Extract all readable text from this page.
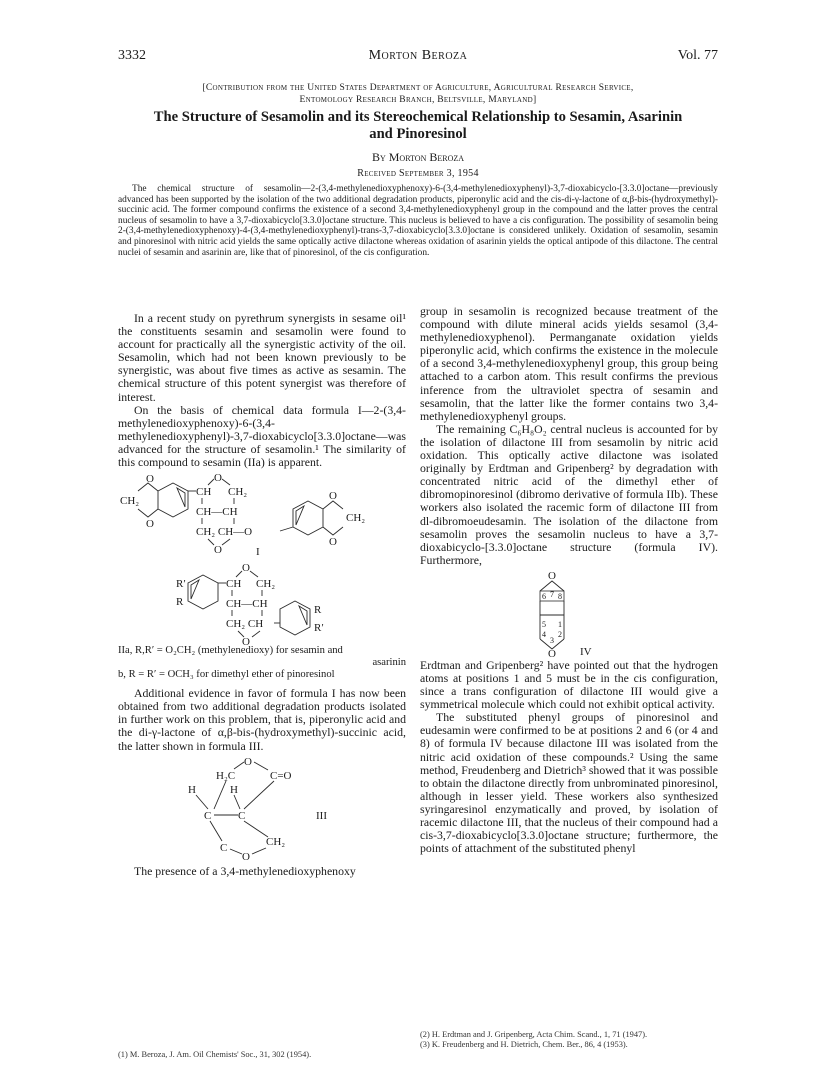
3332	Morton Beroza	Vol. 77
[Contribution from the United States Department of Agriculture, Agricultural Research Service,
Entomology Research Branch, Beltsville, Maryland]
The Structure of Sesamolin and its Stereochemical Relationship to Sesamin, Asarinin
and Pinoresinol
By Morton Beroza
Received September 3, 1954
The chemical structure of sesamolin—2-(3,4-methylenedioxyphenoxy)-6-(3,4-methylenedioxyphenyl)-3,7-dioxabicyclo-[3.3.0]octane—previously advanced has been supported by the isolation of the two additional degradation products, piperonylic acid and the cis-di-γ-lactone of α,β-bis-(hydroxymethyl)-succinic acid. The former compound confirms the existence of a second 3,4-methylenedioxyphenyl group in the compound and the latter proves the central nucleus of sesamolin to have a 3,7-dioxabicyclo[3.3.0]octane structure. This nucleus is believed to have a cis configuration. The possibility of sesamolin being 2-(3,4-methylenedioxyphenoxy)-4-(3,4-methylenedioxyphenyl)-trans-3,7-dioxabicyclo[3.3.0]octane is considered unlikely. Oxidation of sesamolin, sesamin and pinoresinol with nitric acid yields the same optically active dilactone whereas oxidation of asarinin yields the optical antipode of this dilactone. The central nuclei of sesamin and asarinin are, like that of pinoresinol, of the cis configuration.

In a recent study on pyrethrum synergists in sesame oil¹ the constituents sesamin and sesamolin were found to account for practically all the synergistic activity of the oil. Sesamolin, which had not been known previously to be synergistic, was about five times as active as sesamin. The chemical structure of this potent synergist was therefore of interest.

On the basis of chemical data formula I—2-(3,4-methylenedioxyphenoxy)-6-(3,4-methylenedioxyphenyl)-3,7-dioxabicyclo[3.3.0]octane—was advanced for the structure of sesamolin.¹ The similarity of this compound to sesamin (IIa) is apparent.

O
O
CH₂
CH CH₂
O
CH—CH
CH₂ CH—O
O
O
O
CH₂
I
R′
R
CH CH₂
O
CH—CH
CH₂ CH
O
R
R′
IIa, R,R′ = O₂CH₂ (methylenedioxy) for sesamin and
asarinin
b, R = R′ = OCH₃ for dimethyl ether of pinoresinol

Additional evidence in favor of formula I has now been obtained from two additional degradation products isolated in further work on this problem, that is, piperonylic acid and the di-γ-lactone of α,β-bis-(hydroxymethyl)-succinic acid, the latter shown in formula III.

O
H₂C	C=O
H	H
C C
C	CH₂
O
III

The presence of a 3,4-methylenedioxyphenoxy

(1) M. Beroza, J. Am. Oil Chemists' Soc., 31, 302 (1954).

group in sesamolin is recognized because treatment of the compound with dilute mineral acids yields sesamol (3,4-methylenedioxyphenol). Permanganate oxidation yields piperonylic acid, which confirms the existence in the molecule of a second 3,4-methylenedioxyphenyl group, this group being attached to a carbon atom. This result confirms the previous inference from the ultraviolet spectra of sesamin and sesamolin, that the latter like the former contains two 3,4-methylenedioxyphenyl groups.

The remaining C₆H₈O₂ central nucleus is accounted for by the isolation of dilactone III from sesamolin by nitric acid oxidation. This optically active dilactone was isolated originally by Erdtman and Gripenberg² by degradation with concentrated nitric acid of the dimethyl ether of dibromopinoresinol (dibromo derivative of formula IIb). These workers also isolated the racemic form of dilactone III from dl-dibromoeudesamin. The isolation of the dilactone from sesamolin proves the sesamolin nucleus to have a 3,7-dioxabicyclo-[3.3.0]octane structure (formula IV). Furthermore,

O
6 7 8
5 1
4 2
3
O IV

Erdtman and Gripenberg² have pointed out that the hydrogen atoms at positions 1 and 5 must be in the cis configuration, since a trans configuration of dilactone III would give a symmetrical molecule which could not exhibit optical activity.

The substituted phenyl groups of pinoresinol and eudesamin were confirmed to be at positions 2 and 6 (or 4 and 8) of formula IV because dilactone III was isolated from the nitric acid oxidation of these compounds.² Using the same method, Freudenberg and Dietrich³ showed that it was possible to obtain the dilactone directly from unbrominated pinoresinol, although in lesser yield. These workers also synthesized syringaresinol enzymatically and proved, by isolation of racemic dilactone III, that the nucleus of their compound had a cis-3,7-dioxabicyclo[3.3.0]octane structure; furthermore, the points of attachment of the substituted phenyl

(2) H. Erdtman and J. Gripenberg, Acta Chim. Scand., 1, 71 (1947).
(3) K. Freudenberg and H. Dietrich, Chem. Ber., 86, 4 (1953).
